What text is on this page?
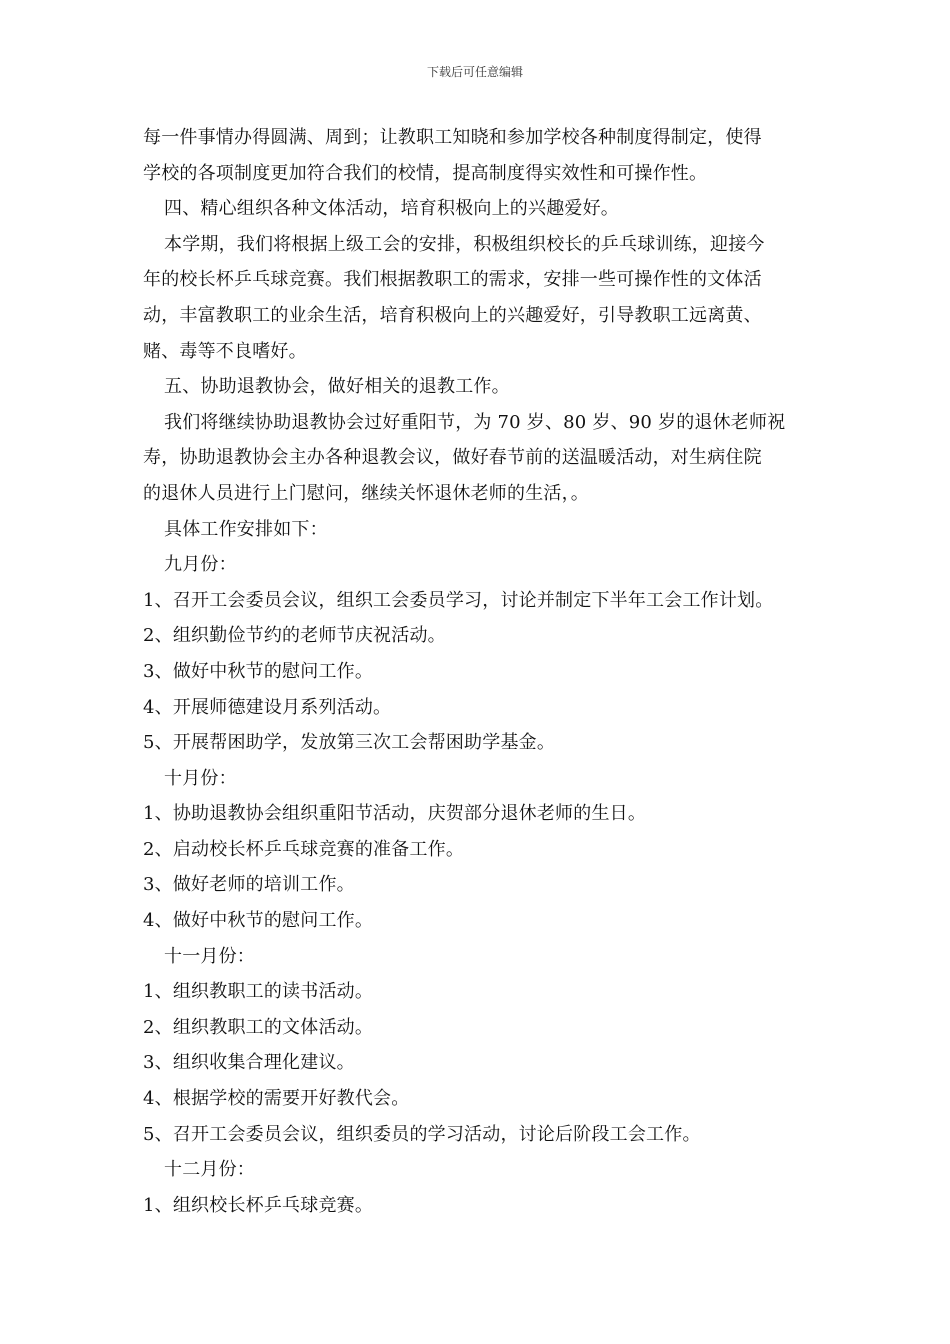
下载后可任意编辑
每一件事情办得圆满、周到；让教职工知晓和参加学校各种制度得制定，使得
学校的各项制度更加符合我们的校情，提高制度得实效性和可操作性。
四、精心组织各种文体活动，培育积极向上的兴趣爱好。
本学期，我们将根据上级工会的安排，积极组织校长的乒乓球训练，迎接今
年的校长杯乒乓球竞赛。我们根据教职工的需求，安排一些可操作性的文体活
动，丰富教职工的业余生活，培育积极向上的兴趣爱好，引导教职工远离黄、
赌、毒等不良嗜好。
五、协助退教协会，做好相关的退教工作。
我们将继续协助退教协会过好重阳节，为 70 岁、80 岁、90 岁的退休老师祝
寿，协助退教协会主办各种退教会议，做好春节前的送温暖活动，对生病住院
的退休人员进行上门慰问，继续关怀退休老师的生活，。
具体工作安排如下：
九月份：
1、召开工会委员会议，组织工会委员学习，讨论并制定下半年工会工作计划。
2、组织勤俭节约的老师节庆祝活动。
3、做好中秋节的慰问工作。
4、开展师德建设月系列活动。
5、开展帮困助学，发放第三次工会帮困助学基金。
十月份：
1、协助退教协会组织重阳节活动，庆贺部分退休老师的生日。
2、启动校长杯乒乓球竞赛的准备工作。
3、做好老师的培训工作。
4、做好中秋节的慰问工作。
十一月份：
1、组织教职工的读书活动。
2、组织教职工的文体活动。
3、组织收集合理化建议。
4、根据学校的需要开好教代会。
5、召开工会委员会议，组织委员的学习活动，讨论后阶段工会工作。
十二月份：
1、组织校长杯乒乓球竞赛。
